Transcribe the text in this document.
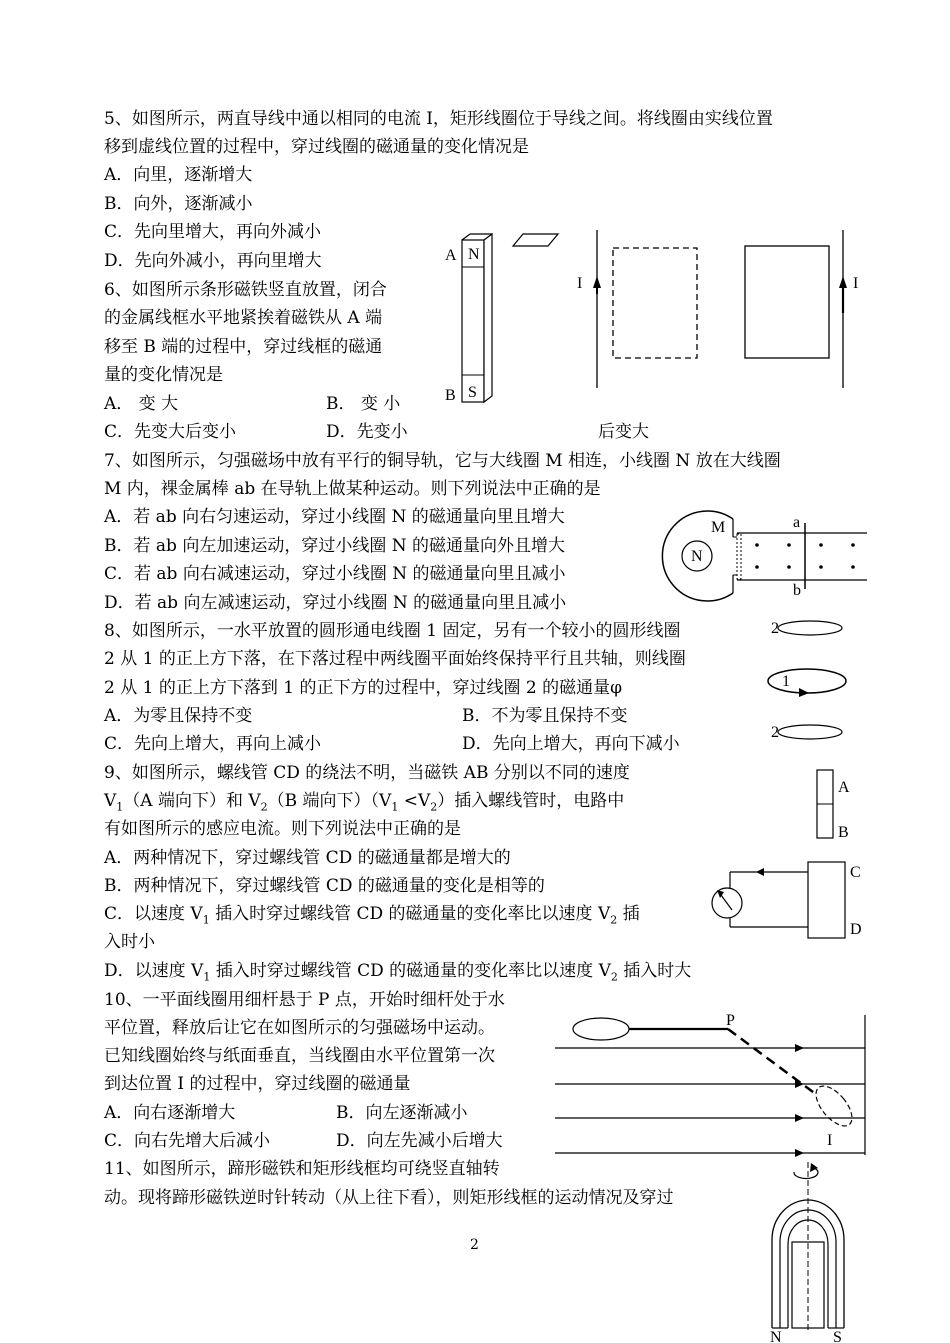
5、如图所示，两直导线中通以相同的电流 I，矩形线圈位于导线之间。将线圈由实线位置
移到虚线位置的过程中，穿过线圈的磁通量的变化情况是
A．向里，逐渐增大
B．向外，逐渐减小
C．先向里增大，再向外减小
D．先向外减小，再向里增大	A N
B S
I	I
6、如图所示条形磁铁竖直放置，闭合
的金属线框水平地紧挨着磁铁从 A 端
移至 B 端的过程中，穿过线框的磁通
量的变化情况是
A． 变 大	B． 变 小
C．先变大后变小	D．先变小	后变大
7、如图所示，匀强磁场中放有平行的铜导轨，它与大线圈 M 相连，小线圈 N 放在大线圈
M 内，裸金属棒 ab 在导轨上做某种运动。则下列说法中正确的是
A．若 ab 向右匀速运动，穿过小线圈 N 的磁通量向里且增大
B．若 ab 向左加速运动，穿过小线圈 N 的磁通量向外且增大
C．若 ab 向右减速运动，穿过小线圈 N 的磁通量向里且减小
D．若 ab 向左减速运动，穿过小线圈 N 的磁通量向里且减小
M
N
a
b
8、如图所示，一水平放置的圆形通电线圈 1 固定，另有一个较小的圆形线圈
2 从 1 的正上方下落，在下落过程中两线圈平面始终保持平行且共轴，则线圈
2 从 1 的正上方下落到 1 的正下方的过程中，穿过线圈 2 的磁通量φ
A．为零且保持不变	B．不为零且保持不变
C．先向上增大，再向上减小	D．先向上增大，再向下减小
2
1
2
9、如图所示，螺线管 CD 的绕法不明，当磁铁 AB 分别以不同的速度
$V_1(A$ 端向下）和 $V_2(B$ 端向下）$(V_1 <V_2)$插入螺线管时，电路中
有如图所示的感应电流。则下列说法中正确的是
A．两种情况下，穿过螺线管 CD 的磁通量都是增大的
B．两种情况下，穿过螺线管 CD 的磁通量的变化是相等的
C．以速度 $V_1$ 插入时穿过螺线管 CD 的磁通量的变化率比以速度 $V_2$ 插
入时小
D．以速度 $V_1$ 插入时穿过螺线管 CD 的磁通量的变化率比以速度 $V_2$ 插入时大
A
B
C
D
10、一平面线圈用细杆悬于 P 点，开始时细杆处于水
平位置，释放后让它在如图所示的匀强磁场中运动。
已知线圈始终与纸面垂直，当线圈由水平位置第一次
到达位置 I 的过程中，穿过线圈的磁通量
A．向右逐渐增大	B．向左逐渐减小
C．向右先增大后减小	D．向左先减小后增大
P
I
11、如图所示，蹄形磁铁和矩形线框均可绕竖直轴转
动。现将蹄形磁铁逆时针转动（从上往下看），则矩形线框的运动情况及穿过
N	S
2
